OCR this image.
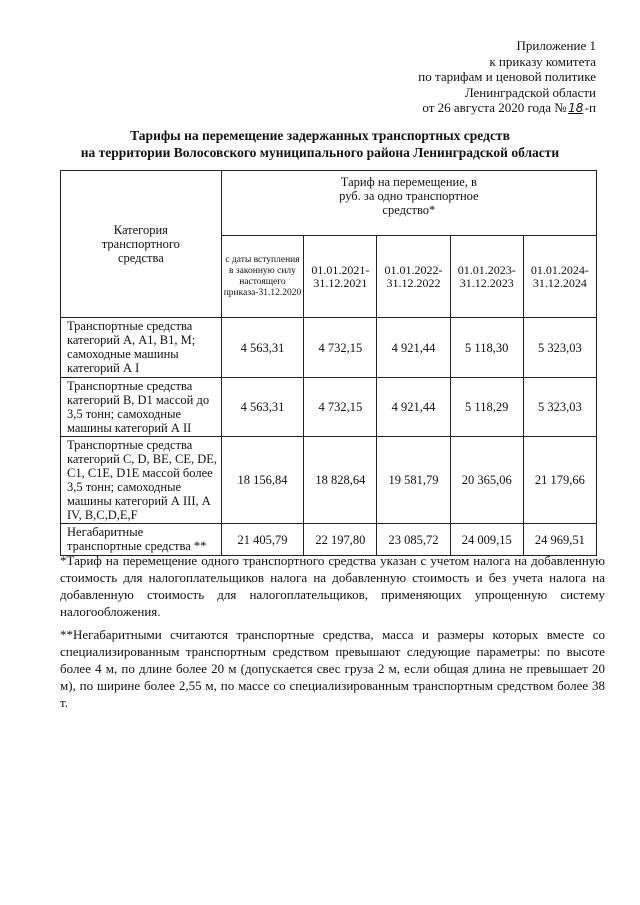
Приложение 1
к приказу комитета
по тарифам и ценовой политике
Ленинградской области
от 26 августа 2020 года №18-п
Тарифы на перемещение задержанных транспортных средств
на территории Волосовского муниципального района Ленинградской области
Категория транспортного средства	Тариф на перемещение, в руб. за одно транспортное средство*				

	с даты вступления в законную силу настоящего приказа-31.12.2020	01.01.2021-31.12.2021	01.01.2022-31.12.2022	01.01.2023-31.12.2023	01.01.2024-31.12.2024
Транспортные средства категорий А, А1, В1, М; самоходные машины категорий А I	4 563,31	4 732,15	4 921,44	5 118,30	5 323,03
Транспортные средства категорий B, D1 массой до 3,5 тонн; самоходные машины категорий А II	4 563,31	4 732,15	4 921,44	5 118,29	5 323,03
Транспортные средства категорий C, D, BE, CE, DE, C1, C1E, D1E массой более 3,5 тонн; самоходные машины категорий А III, А IV, B,C,D,E,F	18 156,84	18 828,64	19 581,79	20 365,06	21 179,66
Негабаритные транспортные средства **	21 405,79	22 197,80	23 085,72	24 009,15	24 969,51

*Тариф на перемещение одного транспортного средства указан с учетом налога на добавленную стоимость для налогоплательщиков налога на добавленную стоимость и без учета налога на добавленную стоимость для налогоплательщиков, применяющих упрощенную систему налогообложения.

**Негабаритными считаются транспортные средства, масса и размеры которых вместе со специализированным транспортным средством превышают следующие параметры: по высоте более 4 м, по длине более 20 м (допускается свес груза 2 м, если общая длина не превышает 20 м), по ширине более 2,55 м, по массе со специализированным транспортным средством более 38 т.
